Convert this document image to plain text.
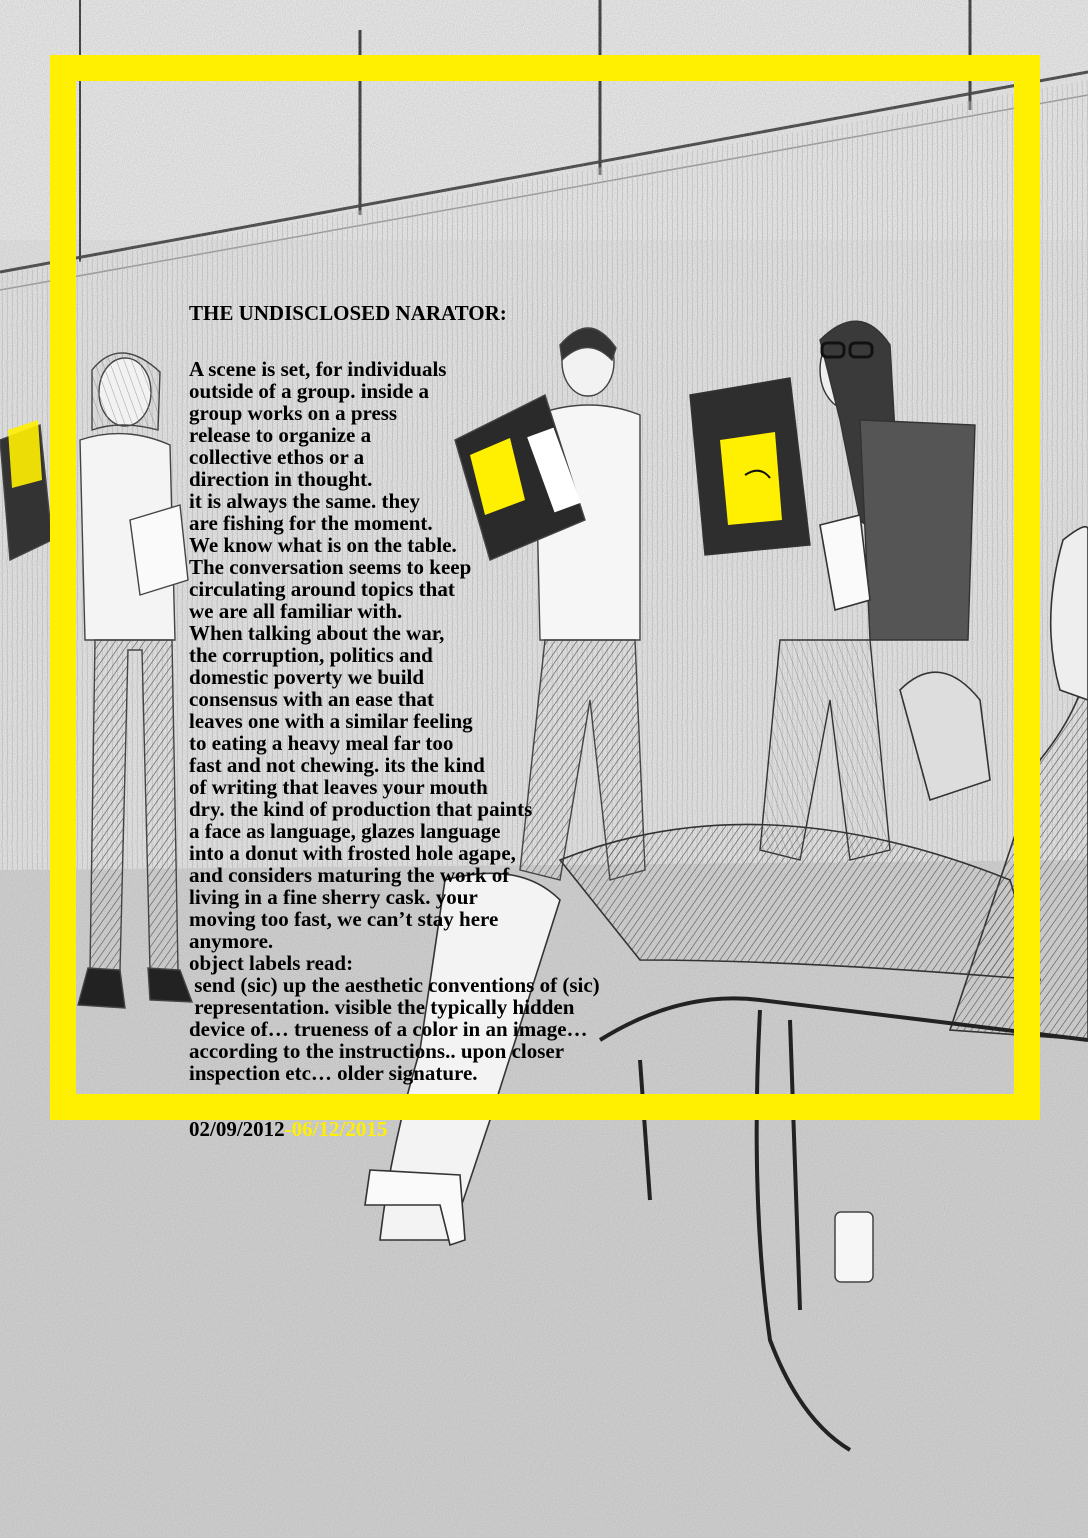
THE UNDISCLOSED NARATOR:
A scene is set, for individuals
outside of a group. inside a
group works on a press
release to organize a
collective ethos or a
direction in thought.
it is always the same. they
are fishing for the moment.
We know what is on the table.
The conversation seems to keep
circulating around topics that
we are all familiar with.
When talking about the war,
the corruption, politics and
domestic poverty we build
consensus with an ease that
leaves one with a similar feeling
to eating a heavy meal far too
fast and not chewing. its the kind
of writing that leaves your mouth
dry. the kind of production that paints
a face as language, glazes language
into a donut with frosted hole agape,
and considers maturing the work of
living in a fine sherry cask. your
moving too fast, we can’t stay here
anymore.
object labels read:
send (sic) up the aesthetic conventions of (sic)
representation. visible the typically hidden
device of… trueness of a color in an image…
according to the instructions.. upon closer
inspection etc… older signature.
02/09/2012-06/12/2015
